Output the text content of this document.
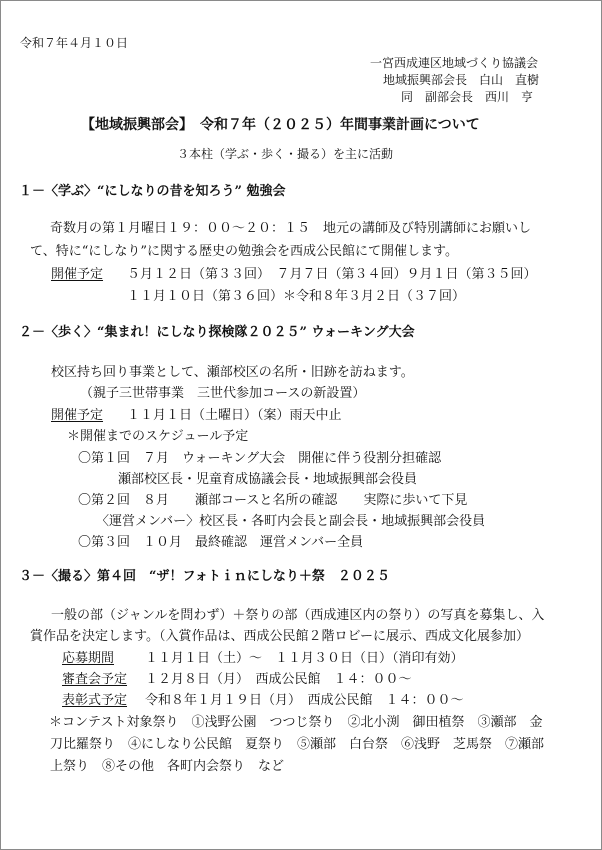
令和７年４月１０日
一宮西成連区地域づくり協議会
地域振興部会長　白山　直樹
同　副部会長　西川　亨
【地域振興部会】　令和７年（２０２５）年間事業計画について
３本柱（学ぶ・歩く・撮る）を主に活動
１－〈学ぶ〉“にしなりの昔を知ろう” 勉強会
奇数月の第１月曜日１９：００～２０：１５　地元の講師及び特別講師にお願いし
て、特に“にしなり”に関する歴史の勉強会を西成公民館にて開催します。
開催予定 ５月１２日（第３３回）　７月７日（第３４回）９月１日（第３５回）
１１月１０日（第３６回）＊令和８年３月２日（３７回）
２－〈歩く〉“集まれ！にしなり探検隊２０２５” ウォーキング大会
校区持ち回り事業として、瀬部校区の名所・旧跡を訪ねます。
（親子三世帯事業　三世代参加コースの新設置）
開催予定 １１月１日（土曜日）（案）雨天中止
＊開催までのスケジュール予定
〇第１回　７月　ウォーキング大会　開催に伴う役割分担確認
瀬部校区長・児童育成協議会長・地域振興部会役員
〇第２回　８月　　瀬部コースと名所の確認　　実際に歩いて下見
〈運営メンバー〉校区長・各町内会長と副会長・地域振興部会役員
〇第３回　１０月　最終確認　運営メンバー全員
３－〈撮る〉第４回　“ザ！フォトｉｎにしなり＋祭　２０２５
一般の部（ジャンルを問わず）＋祭りの部（西成連区内の祭り）の写真を募集し、入
賞作品を決定します。（入賞作品は、西成公民館２階ロビーに展示、西成文化展参加）
応募期間 １１月１日（土）～　１１月３０日（日）（消印有効）
審査会予定 １２月８日（月）　西成公民館　１４：００～
表彰式予定 令和８年１月１９日（月）　西成公民館　１４：００～
＊コンテスト対象祭り　①浅野公園　つつじ祭り　②北小渕　御田植祭　③瀬部　金
刀比羅祭り　④にしなり公民館　夏祭り　⑤瀬部　白台祭　⑥浅野　芝馬祭　⑦瀬部
上祭り　⑧その他　各町内会祭り　など
